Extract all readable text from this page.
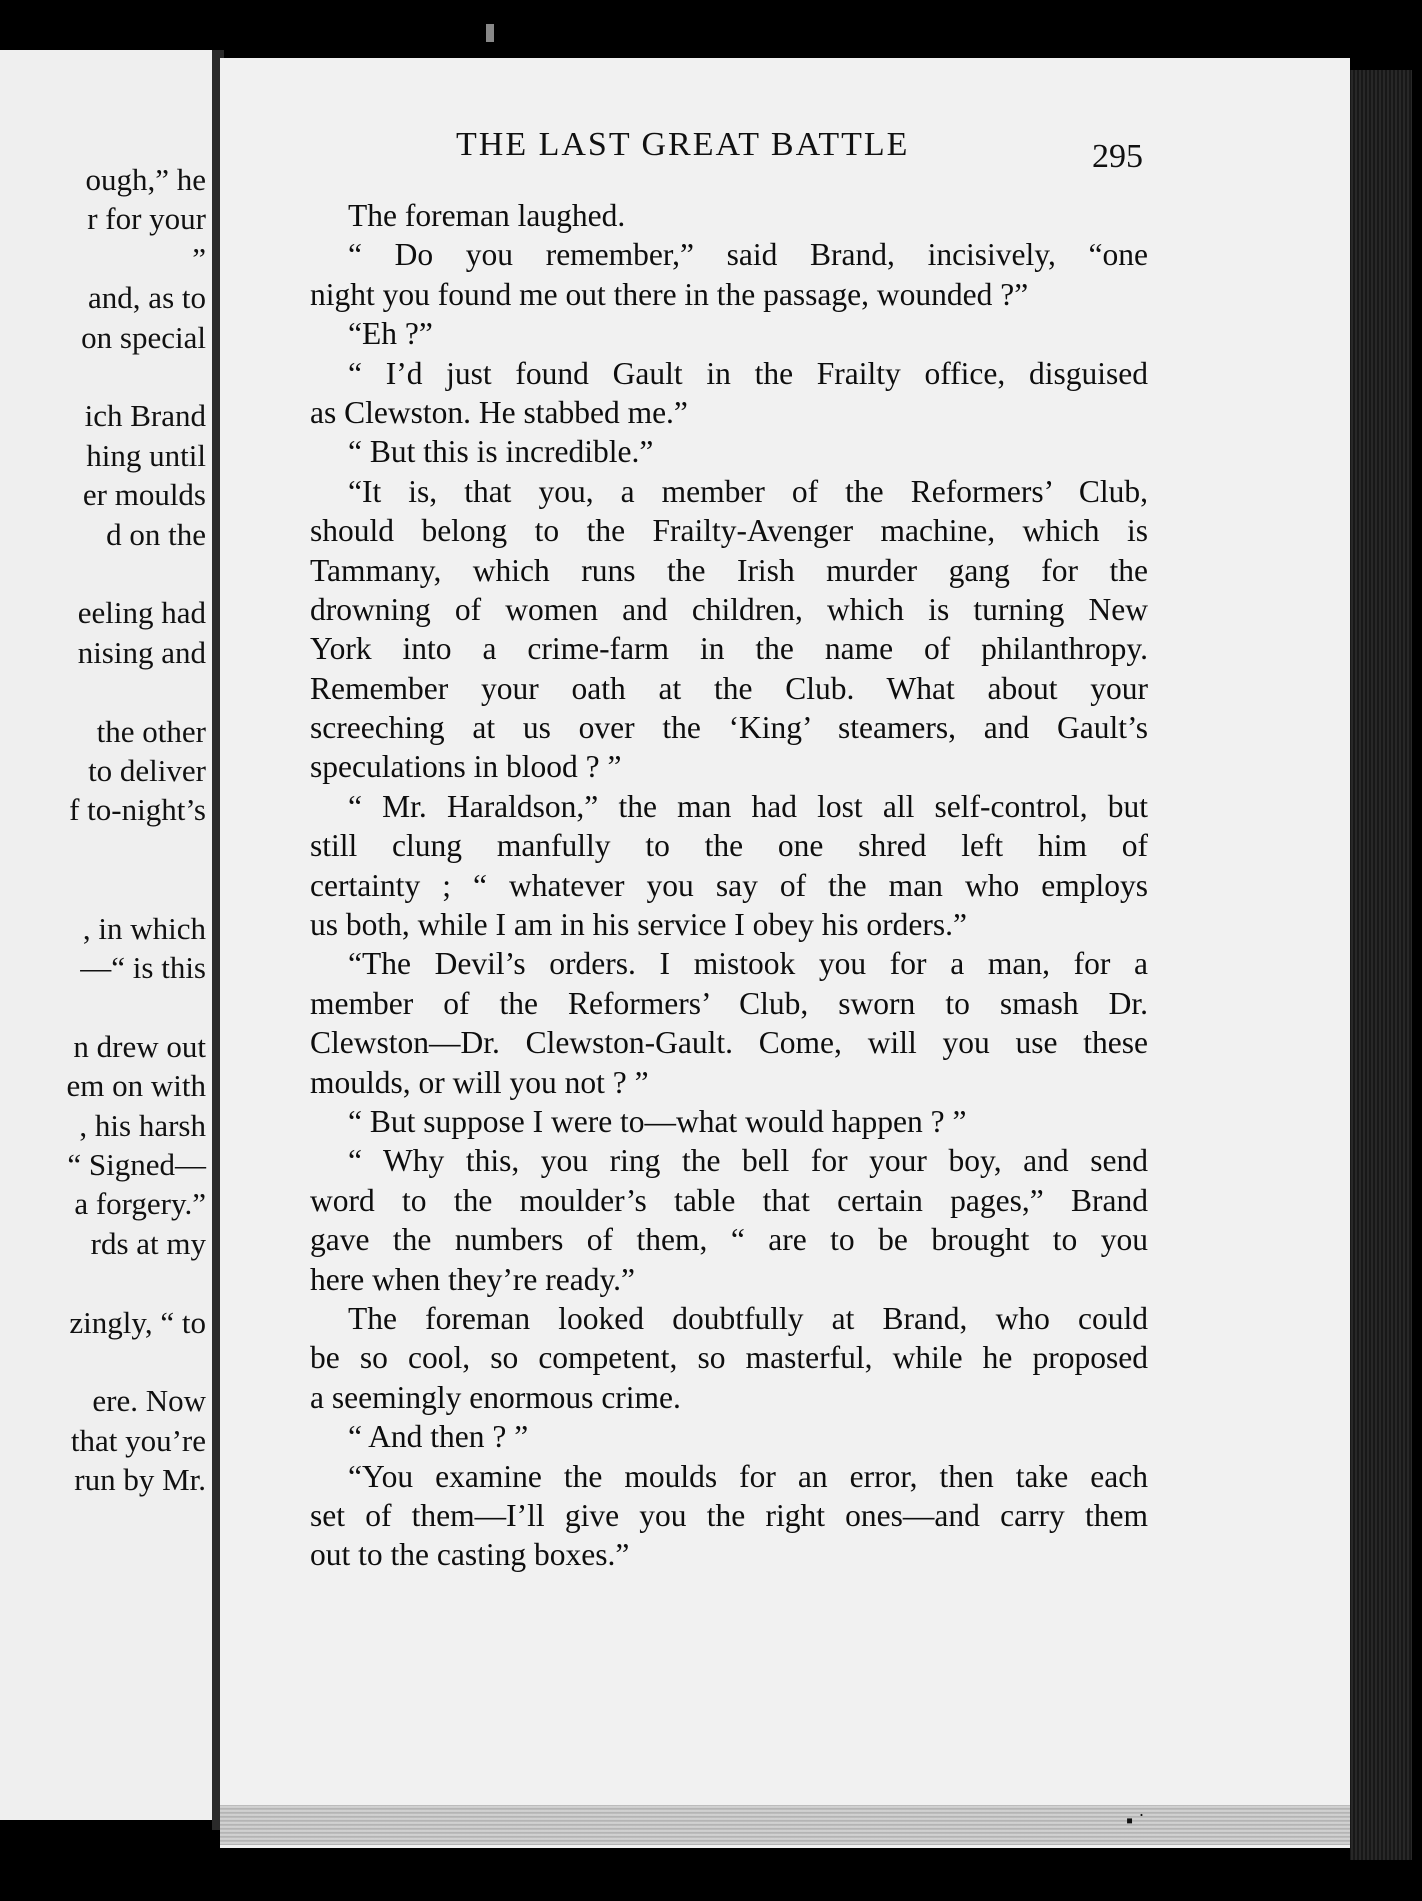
ough,” he
r for your
”
and, as to
on special
ich Brand
hing until
er moulds
d on the
eeling had
nising and
the other
to deliver
f to-night’s
, in which
—“ is this
n drew out
em on with
, his harsh
“ Signed—
a forgery.”
rds at my
zingly, “ to
ere. Now
that you’re
run by Mr.
THE LAST GREAT BATTLE	295
The foreman laughed.
“ Do you remember,” said Brand, incisively, “one
night you found me out there in the passage, wounded ?”
“Eh ?”
“ I’d just found Gault in the Frailty office, disguised
as Clewston. He stabbed me.”
“ But this is incredible.”
“It is, that you, a member of the Reformers’ Club,
should belong to the Frailty-Avenger machine, which is
Tammany, which runs the Irish murder gang for the
drowning of women and children, which is turning New
York into a crime-farm in the name of philanthropy.
Remember your oath at the Club. What about your
screeching at us over the ‘King’ steamers, and Gault’s
speculations in blood ? ”
“ Mr. Haraldson,” the man had lost all self-control, but
still clung manfully to the one shred left him of
certainty ; “ whatever you say of the man who employs
us both, while I am in his service I obey his orders.”
“The Devil’s orders. I mistook you for a man, for a
member of the Reformers’ Club, sworn to smash Dr.
Clewston—Dr. Clewston-Gault. Come, will you use these
moulds, or will you not ? ”
“ But suppose I were to—what would happen ? ”
“ Why this, you ring the bell for your boy, and send
word to the moulder’s table that certain pages,” Brand
gave the numbers of them, “ are to be brought to you
here when they’re ready.”
The foreman looked doubtfully at Brand, who could
be so cool, so competent, so masterful, while he proposed
a seemingly enormous crime.
“ And then ? ”
“You examine the moulds for an error, then take each
set of them—I’ll give you the right ones—and carry them
out to the casting boxes.”
▪ ˙
